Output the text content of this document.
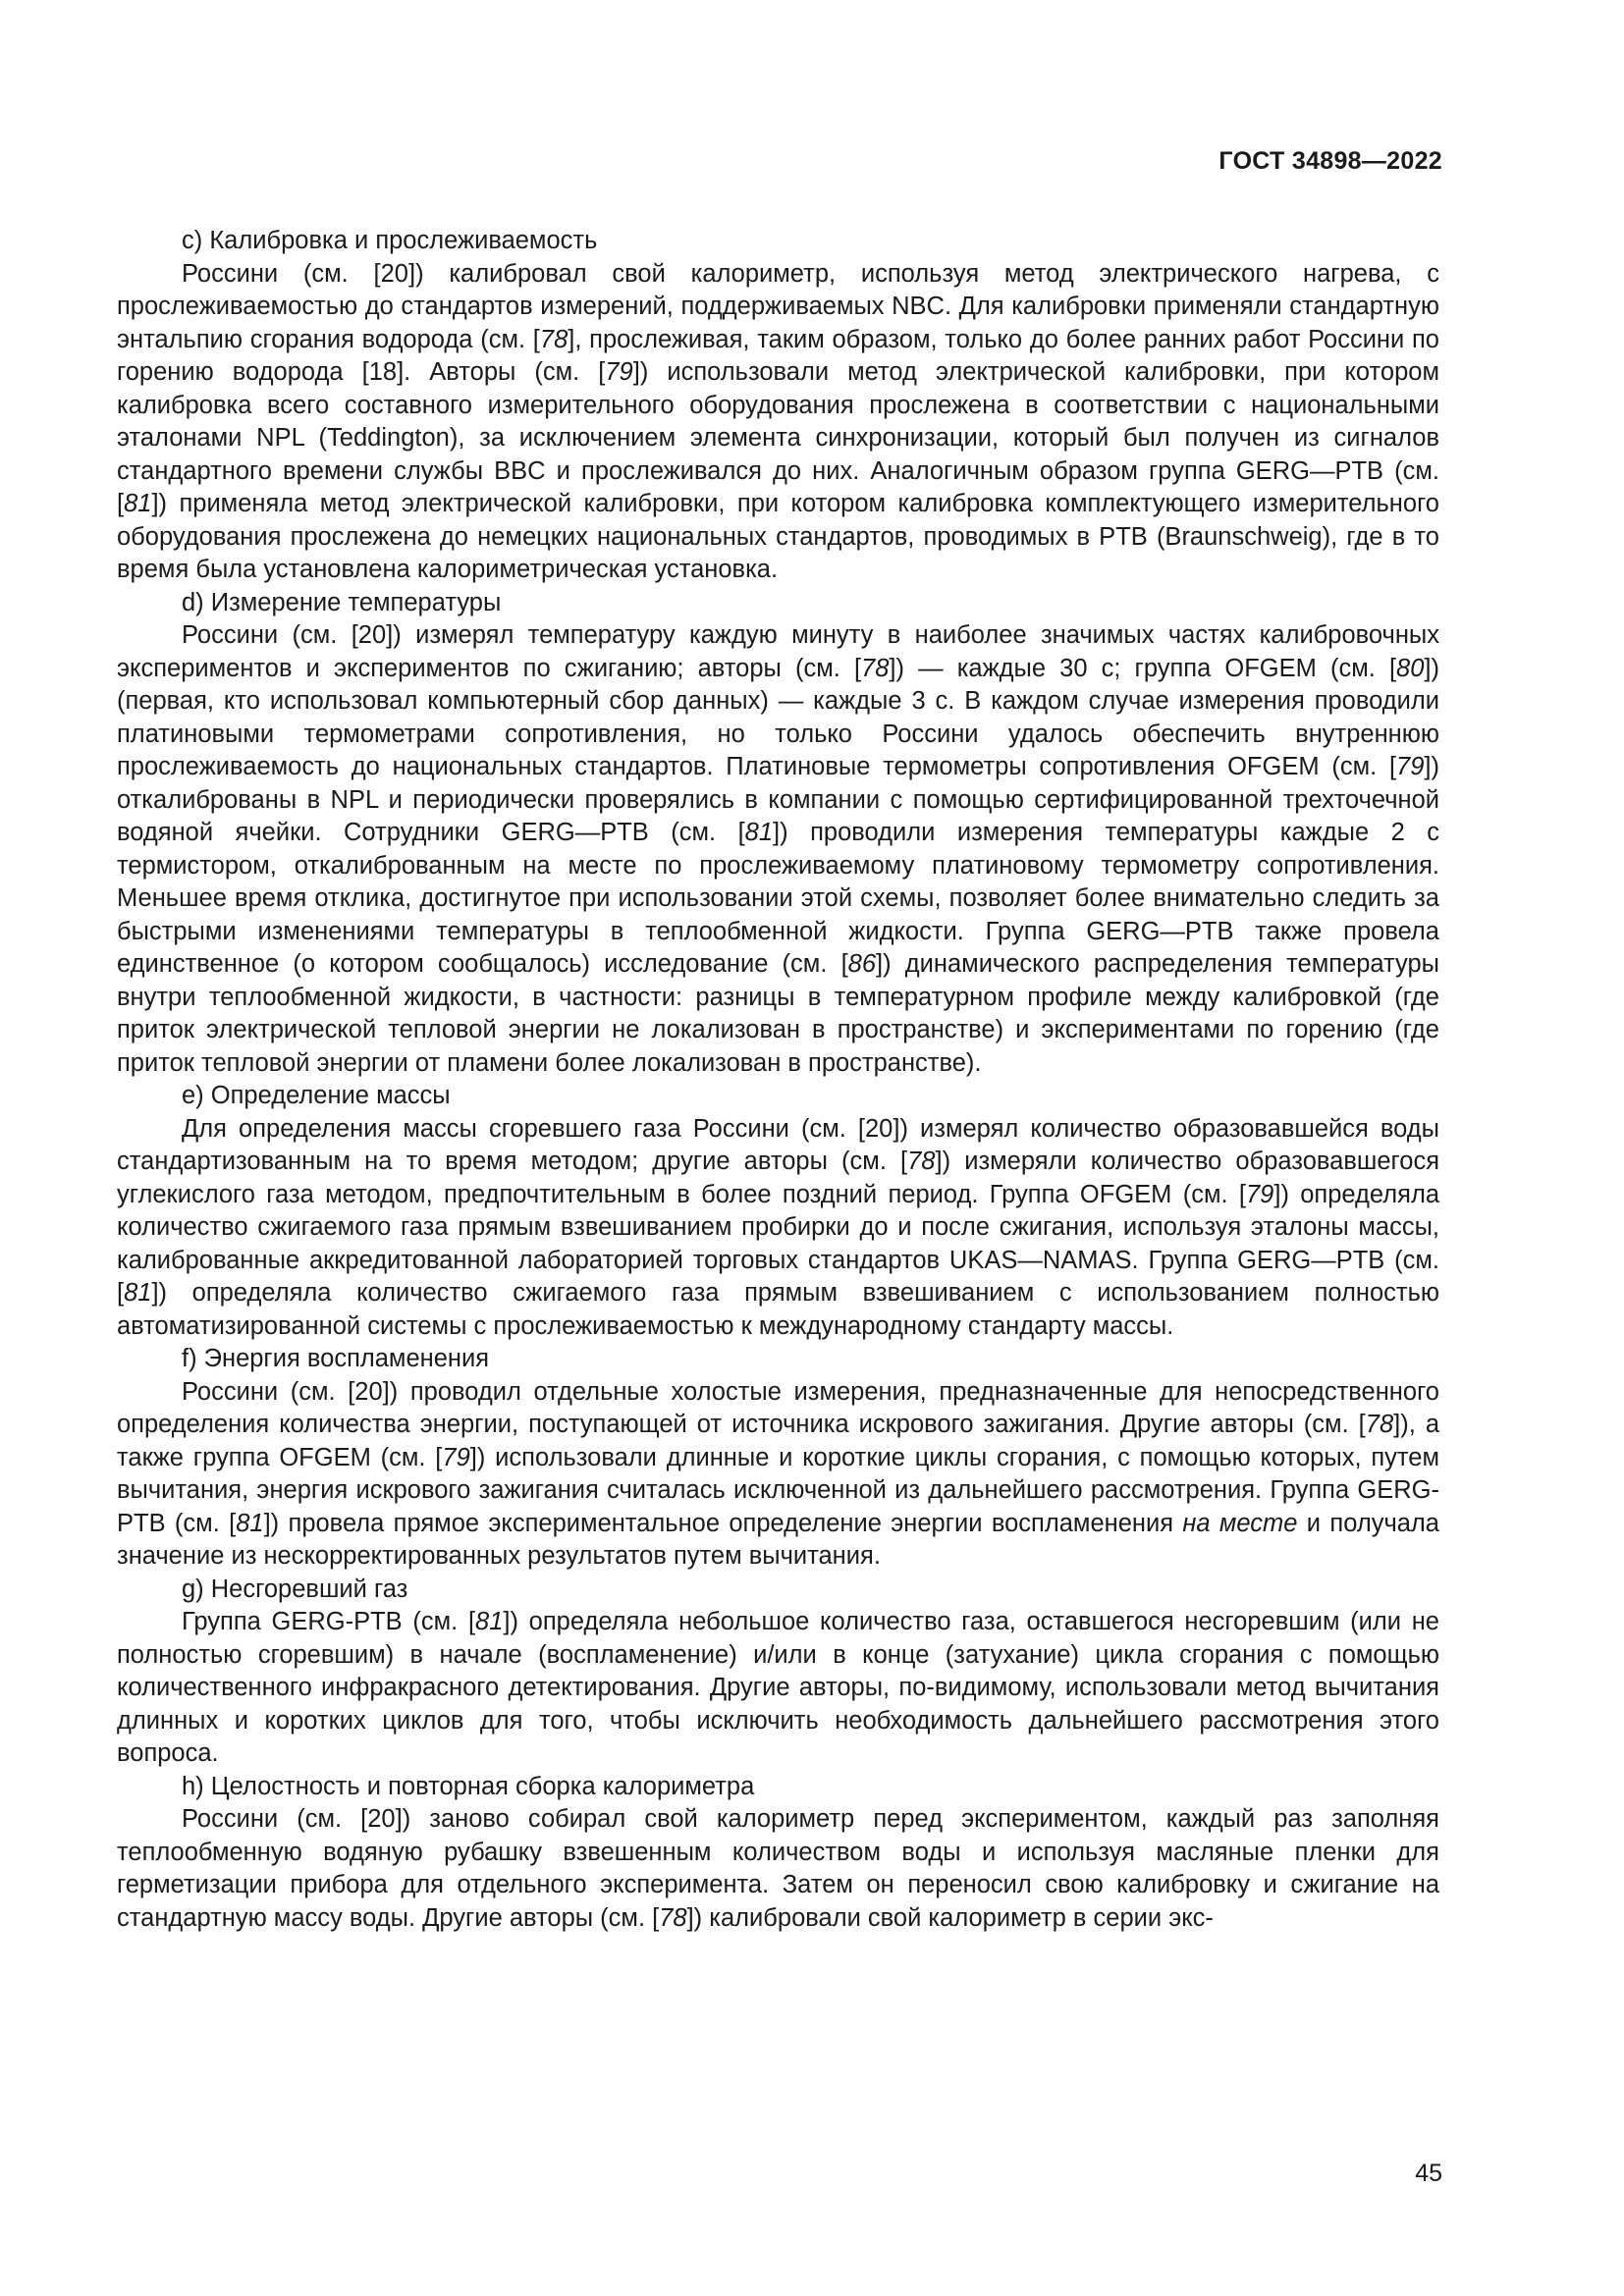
ГОСТ 34898—2022

c) Калибровка и прослеживаемость

Россини (см. [20]) калибровал свой калориметр, используя метод электрического нагрева, с прослеживаемостью до стандартов измерений, поддерживаемых NBC. Для калибровки применяли стандартную энтальпию сгорания водорода (см. [78], прослеживая, таким образом, только до более ранних работ Россини по горению водорода [18]. Авторы (см. [79]) использовали метод электрической калибровки, при котором калибровка всего составного измерительного оборудования прослежена в соответствии с национальными эталонами NPL (Teddington), за исключением элемента синхронизации, который был получен из сигналов стандартного времени службы BBC и прослеживался до них. Аналогичным образом группа GERG—PTB (см. [81]) применяла метод электрической калибровки, при котором калибровка комплектующего измерительного оборудования прослежена до немецких национальных стандартов, проводимых в PTB (Braunschweig), где в то время была установлена калориметрическая установка.

d) Измерение температуры

Россини (см. [20]) измерял температуру каждую минуту в наиболее значимых частях калибровочных экспериментов и экспериментов по сжиганию; авторы (см. [78]) — каждые 30 с; группа OFGEM (см. [80]) (первая, кто использовал компьютерный сбор данных) — каждые 3 с. В каждом случае измерения проводили платиновыми термометрами сопротивления, но только Россини удалось обеспечить внутреннюю прослеживаемость до национальных стандартов. Платиновые термометры сопротивления OFGEM (см. [79]) откалиброваны в NPL и периодически проверялись в компании с помощью сертифицированной трехточечной водяной ячейки. Сотрудники GERG—PTB (см. [81]) проводили измерения температуры каждые 2 с термистором, откалиброванным на месте по прослеживаемому платиновому термометру сопротивления. Меньшее время отклика, достигнутое при использовании этой схемы, позволяет более внимательно следить за быстрыми изменениями температуры в теплообменной жидкости. Группа GERG—PTB также провела единственное (о котором сообщалось) исследование (см. [86]) динамического распределения температуры внутри теплообменной жидкости, в частности: разницы в температурном профиле между калибровкой (где приток электрической тепловой энергии не локализован в пространстве) и экспериментами по горению (где приток тепловой энергии от пламени более локализован в пространстве).

e) Определение массы

Для определения массы сгоревшего газа Россини (см. [20]) измерял количество образовавшейся воды стандартизованным на то время методом; другие авторы (см. [78]) измеряли количество образовавшегося углекислого газа методом, предпочтительным в более поздний период. Группа OFGEM (см. [79]) определяла количество сжигаемого газа прямым взвешиванием пробирки до и после сжигания, используя эталоны массы, калиброванные аккредитованной лабораторией торговых стандартов UKAS—NAMAS. Группа GERG—PTB (см. [81]) определяла количество сжигаемого газа прямым взвешиванием с использованием полностью автоматизированной системы с прослеживаемостью к международному стандарту массы.

f) Энергия воспламенения

Россини (см. [20]) проводил отдельные холостые измерения, предназначенные для непосредственного определения количества энергии, поступающей от источника искрового зажигания. Другие авторы (см. [78]), а также группа OFGEM (см. [79]) использовали длинные и короткие циклы сгорания, с помощью которых, путем вычитания, энергия искрового зажигания считалась исключенной из дальнейшего рассмотрения. Группа GERG-PTB (см. [81]) провела прямое экспериментальное определение энергии воспламенения на месте и получала значение из нескорректированных результатов путем вычитания.

g) Несгоревший газ

Группа GERG-PTB (см. [81]) определяла небольшое количество газа, оставшегося несгоревшим (или не полностью сгоревшим) в начале (воспламенение) и/или в конце (затухание) цикла сгорания с помощью количественного инфракрасного детектирования. Другие авторы, по-видимому, использовали метод вычитания длинных и коротких циклов для того, чтобы исключить необходимость дальнейшего рассмотрения этого вопроса.

h) Целостность и повторная сборка калориметра

Россини (см. [20]) заново собирал свой калориметр перед экспериментом, каждый раз заполняя теплообменную водяную рубашку взвешенным количеством воды и используя масляные пленки для герметизации прибора для отдельного эксперимента. Затем он переносил свою калибровку и сжигание на стандартную массу воды. Другие авторы (см. [78]) калибровали свой калориметр в серии экс-

45
